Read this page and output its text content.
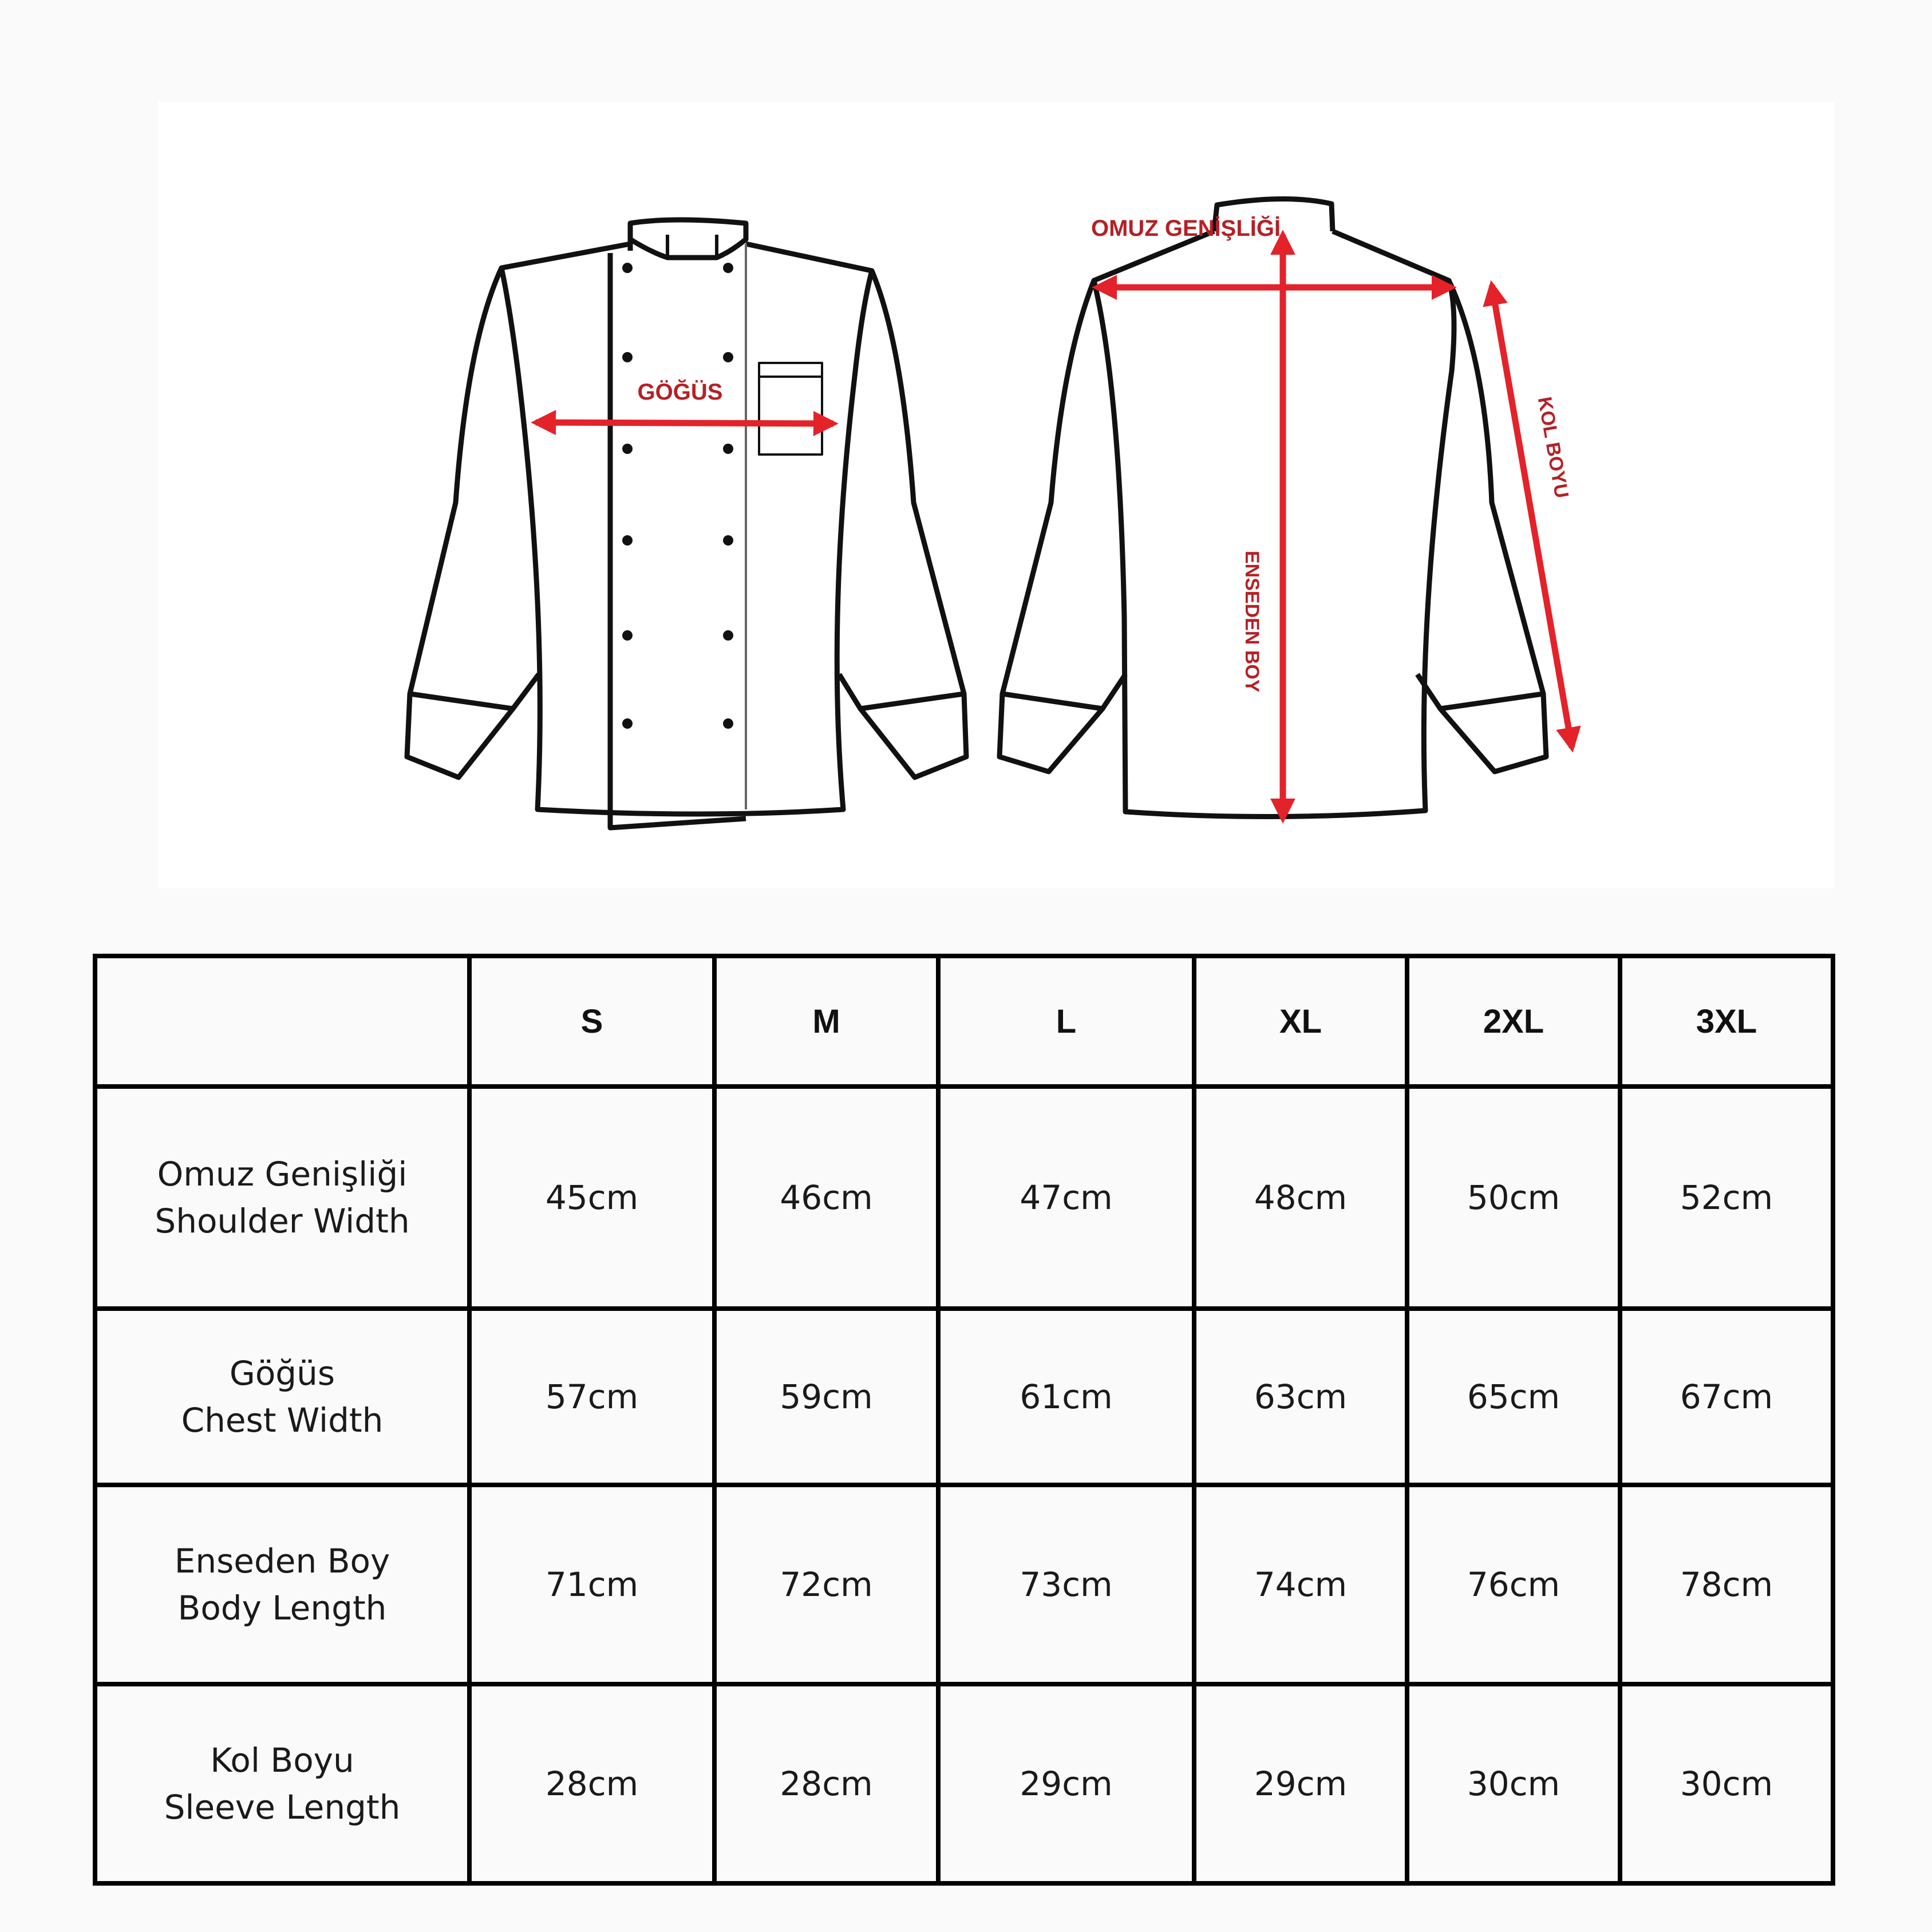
GÖĞÜS
OMUZ GENİŞLİĞİ
ENSEDEN BOY
KOL BOYU
	S	M	L	XL	2XL	3XL

Omuz Genişliği
Shoulder Width	45cm	46cm	47cm	48cm	50cm	52cm

Göğüs
Chest Width	57cm	59cm	61cm	63cm	65cm	67cm

Enseden Boy
Body Length	71cm	72cm	73cm	74cm	76cm	78cm

Kol Boyu
Sleeve Length	28cm	28cm	29cm	29cm	30cm	30cm
